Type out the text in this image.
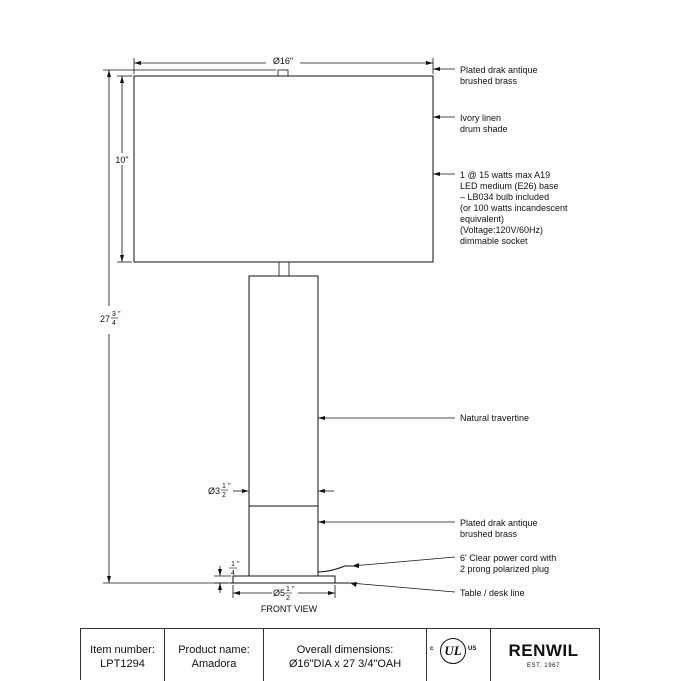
Ø16"
10"
27 3
4
"
Ø3 1
2
"
1
4
"
Ø5 1
2
"
FRONT VIEW
Plated drak antique
brushed brass
Ivory linen
drum shade
1 @ 15 watts max A19
LED medium (E26) base
– LB034 bulb included
(or 100 watts incandescent
equivalent)
(Voltage:120V/60Hz)
dimmable socket
Natural travertine
Plated drak antique
brushed brass
6' Clear power cord with
2 prong polarized plug
Table / desk line
Item number:
LPT1294
Product name:
Amadora
Overall dimensions:
Ø16"DIA x 27 3/4"OAH
c UL	US	RENWIL
EST. 1967
